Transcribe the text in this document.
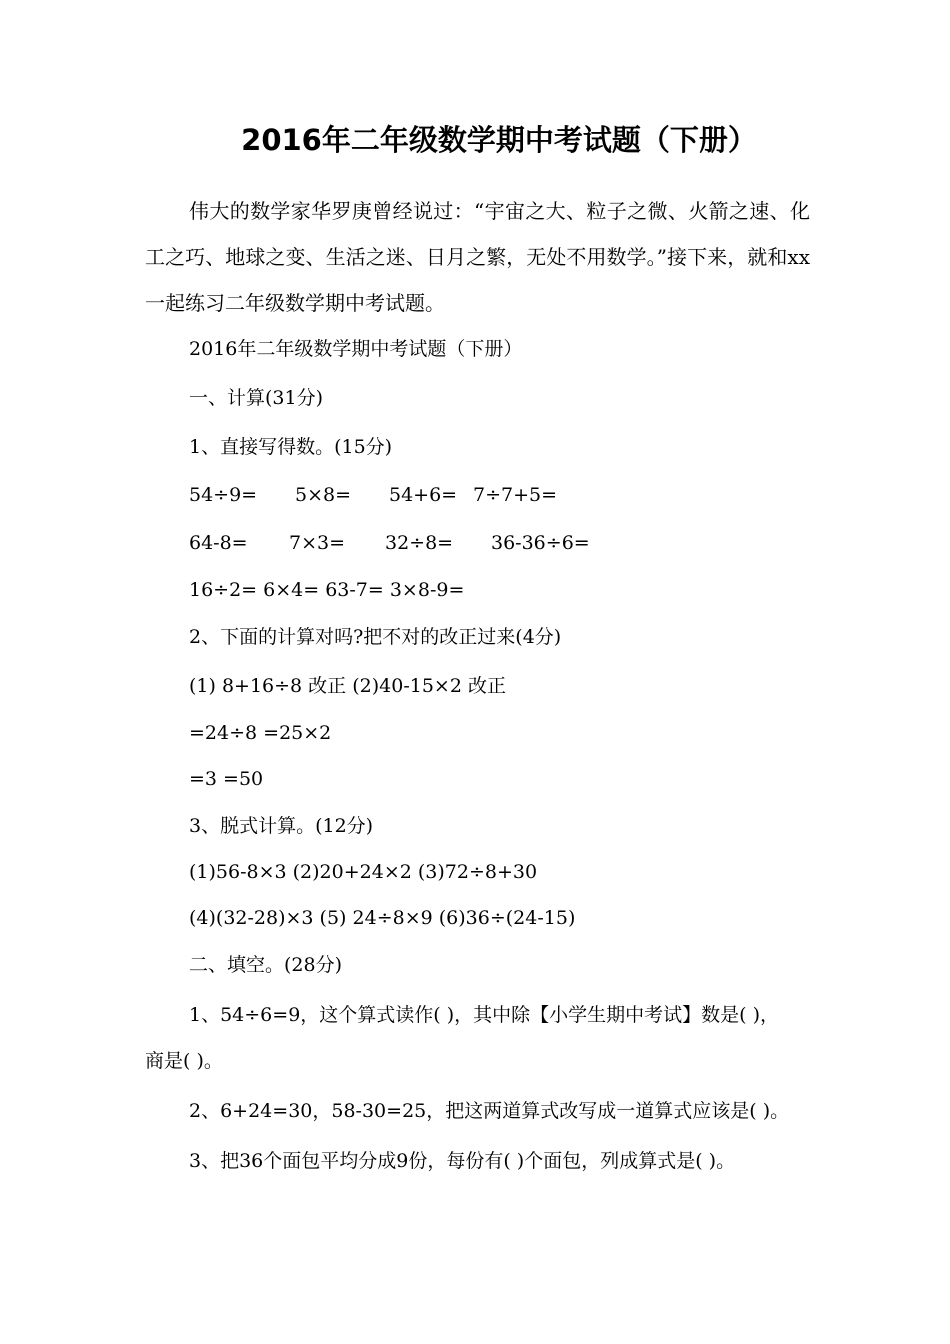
2016年二年级数学期中考试题（下册）
伟大的数学家华罗庚曾经说过：“宇宙之大、粒子之微、火箭之速、化工之巧、地球之变、生活之迷、日月之繁，无处不用数学。”接下来，就和xx一起练习二年级数学期中考试题。
2016年二年级数学期中考试题（下册）
一、计算(31分)
1、直接写得数。(15分)
54÷9= 5×8= 54+6= 7÷7+5=
64-8= 7×3= 32÷8= 36-36÷6=
16÷2= 6×4= 63-7= 3×8-9=
2、下面的计算对吗?把不对的改正过来(4分)
(1) 8+16÷8 改正 (2)40-15×2 改正
=24÷8 =25×2
=3 =50
3、脱式计算。(12分)
(1)56-8×3 (2)20+24×2 (3)72÷8+30
(4)(32-28)×3 (5) 24÷8×9 (6)36÷(24-15)
二、填空。(28分)
1、54÷6=9，这个算式读作( )，其中除【小学生期中考试】数是( )，
商是( )。
2、6+24=30，58-30=25，把这两道算式改写成一道算式应该是( )。
3、把36个面包平均分成9份，每份有( )个面包，列成算式是( )。
